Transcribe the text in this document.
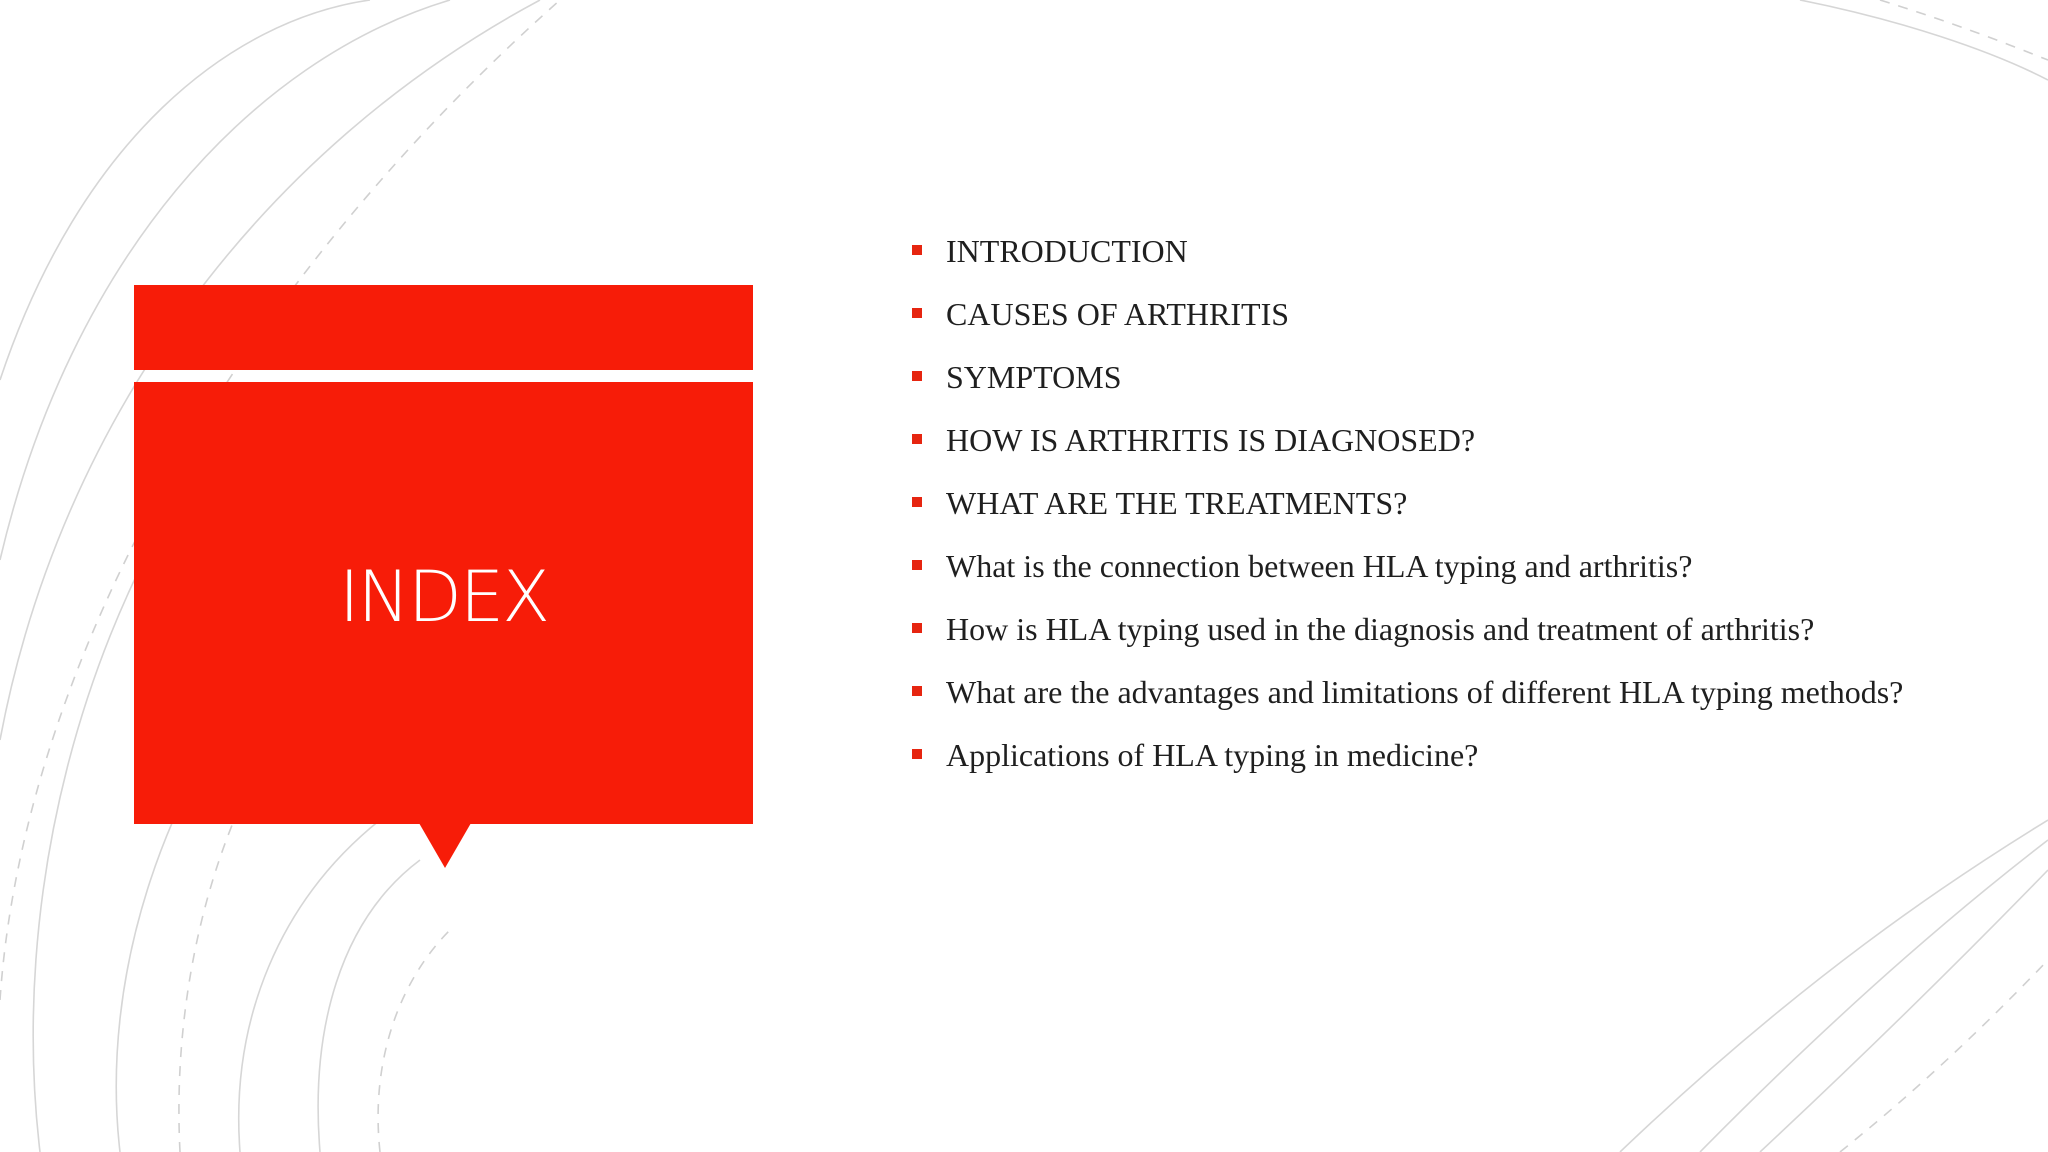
INDEX
INTRODUCTION
CAUSES OF ARTHRITIS
SYMPTOMS
HOW IS ARTHRITIS IS DIAGNOSED?
WHAT ARE THE TREATMENTS?
What is the connection between HLA typing and arthritis?
How is HLA typing used in the diagnosis and treatment of arthritis?
What are the advantages and limitations of different HLA typing methods?
Applications of HLA typing in medicine?
